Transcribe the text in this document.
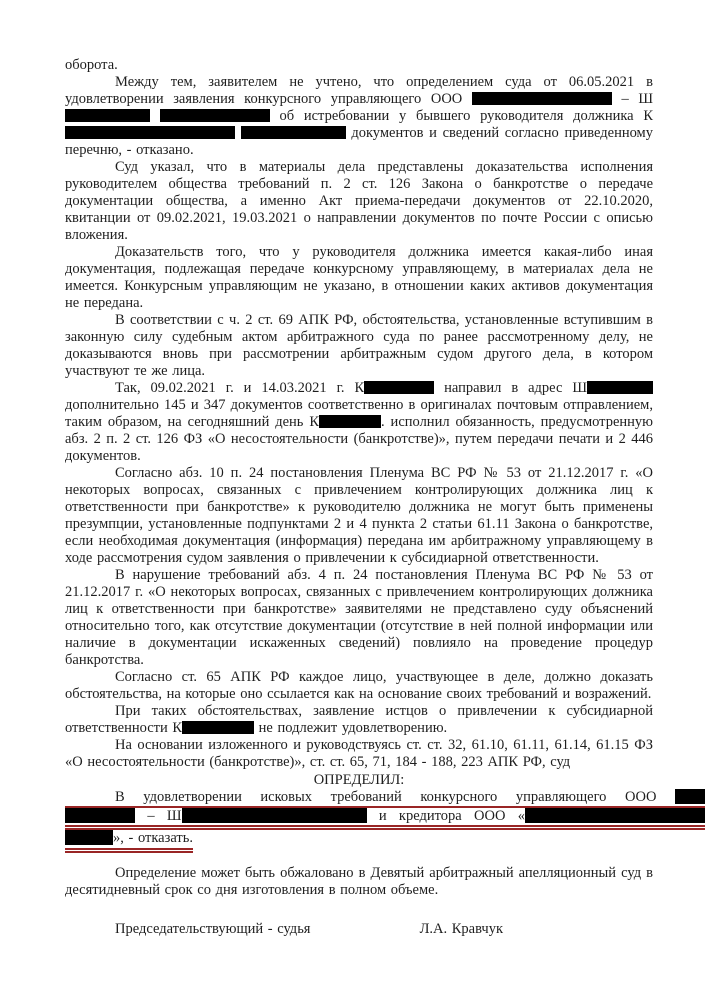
оборота.

Между тем, заявителем не учтено, что определением суда от 06.05.2021 в удовлетворении заявления конкурсного управляющего ООО	– Ш  об истребовании у бывшего руководителя должника К  документов и сведений согласно приведенному перечню, - отказано.

Суд указал, что в материалы дела представлены доказательства исполнения руководителем общества требований п. 2 ст. 126 Закона о банкротстве о передаче документации общества, а именно Акт приема-передачи документов от 22.10.2020, квитанции от 09.02.2021, 19.03.2021 о направлении документов по почте России с описью вложения.

Доказательств того, что у руководителя должника имеется какая-либо иная документация, подлежащая передаче конкурсному управляющему, в материалах дела не имеется. Конкурсным управляющим не указано, в отношении каких активов документация не передана.

В соответствии с ч. 2 ст. 69 АПК РФ, обстоятельства, установленные вступившим в законную силу судебным актом арбитражного суда по ранее рассмотренному делу, не доказываются вновь при рассмотрении арбитражным судом другого дела, в котором участвуют те же лица.

Так, 09.02.2021 г. и 14.03.2021 г. К	направил в адрес Ш дополнительно 145 и 347 документов соответственно в оригиналах почтовым отправлением, таким образом, на сегодняшний день К	. исполнил обязанность, предусмотренную абз. 2 п. 2 ст. 126 ФЗ «О несостоятельности (банкротстве)», путем передачи печати и 2 446 документов.

Согласно абз. 10 п. 24 постановления Пленума ВС РФ № 53 от 21.12.2017 г. «О некоторых вопросах, связанных с привлечением контролирующих должника лиц к ответственности при банкротстве» к руководителю должника не могут быть применены презумпции, установленные подпунктами 2 и 4 пункта 2 статьи 61.11 Закона о банкротстве, если необходимая документация (информация) передана им арбитражному управляющему в ходе рассмотрения судом заявления о привлечении к субсидиарной ответственности.

В нарушение требований абз. 4 п. 24 постановления Пленума ВС РФ № 53 от 21.12.2017 г. «О некоторых вопросах, связанных с привлечением контролирующих должника лиц к ответственности при банкротстве» заявителями не представлено суду объяснений относительно того, как отсутствие документации (отсутствие в ней полной информации или наличие в документации искаженных сведений) повлияло на проведение процедур банкротства.

Согласно ст. 65 АПК РФ каждое лицо, участвующее в деле, должно доказать обстоятельства, на которые оно ссылается как на основание своих требований и возражений.

При таких обстоятельствах, заявление истцов о привлечении к субсидиарной ответственности К	не подлежит удовлетворению.

На основании изложенного и руководствуясь ст. ст. 32, 61.10, 61.11, 61.14, 61.15 ФЗ «О несостоятельности (банкротстве)», ст. ст. 65, 71, 184 - 188, 223 АПК РФ, суд

ОПРЕДЕЛИЛ:

В удовлетворении исковых требований конкурсного управляющего ООО
– Ш	и кредитора ООО «
», - отказать.

Определение может быть обжаловано в Девятый арбитражный апелляционный суд в десятидневный срок со дня изготовления в полном объеме.

Председательствующий - судья	Л.А. Кравчук
